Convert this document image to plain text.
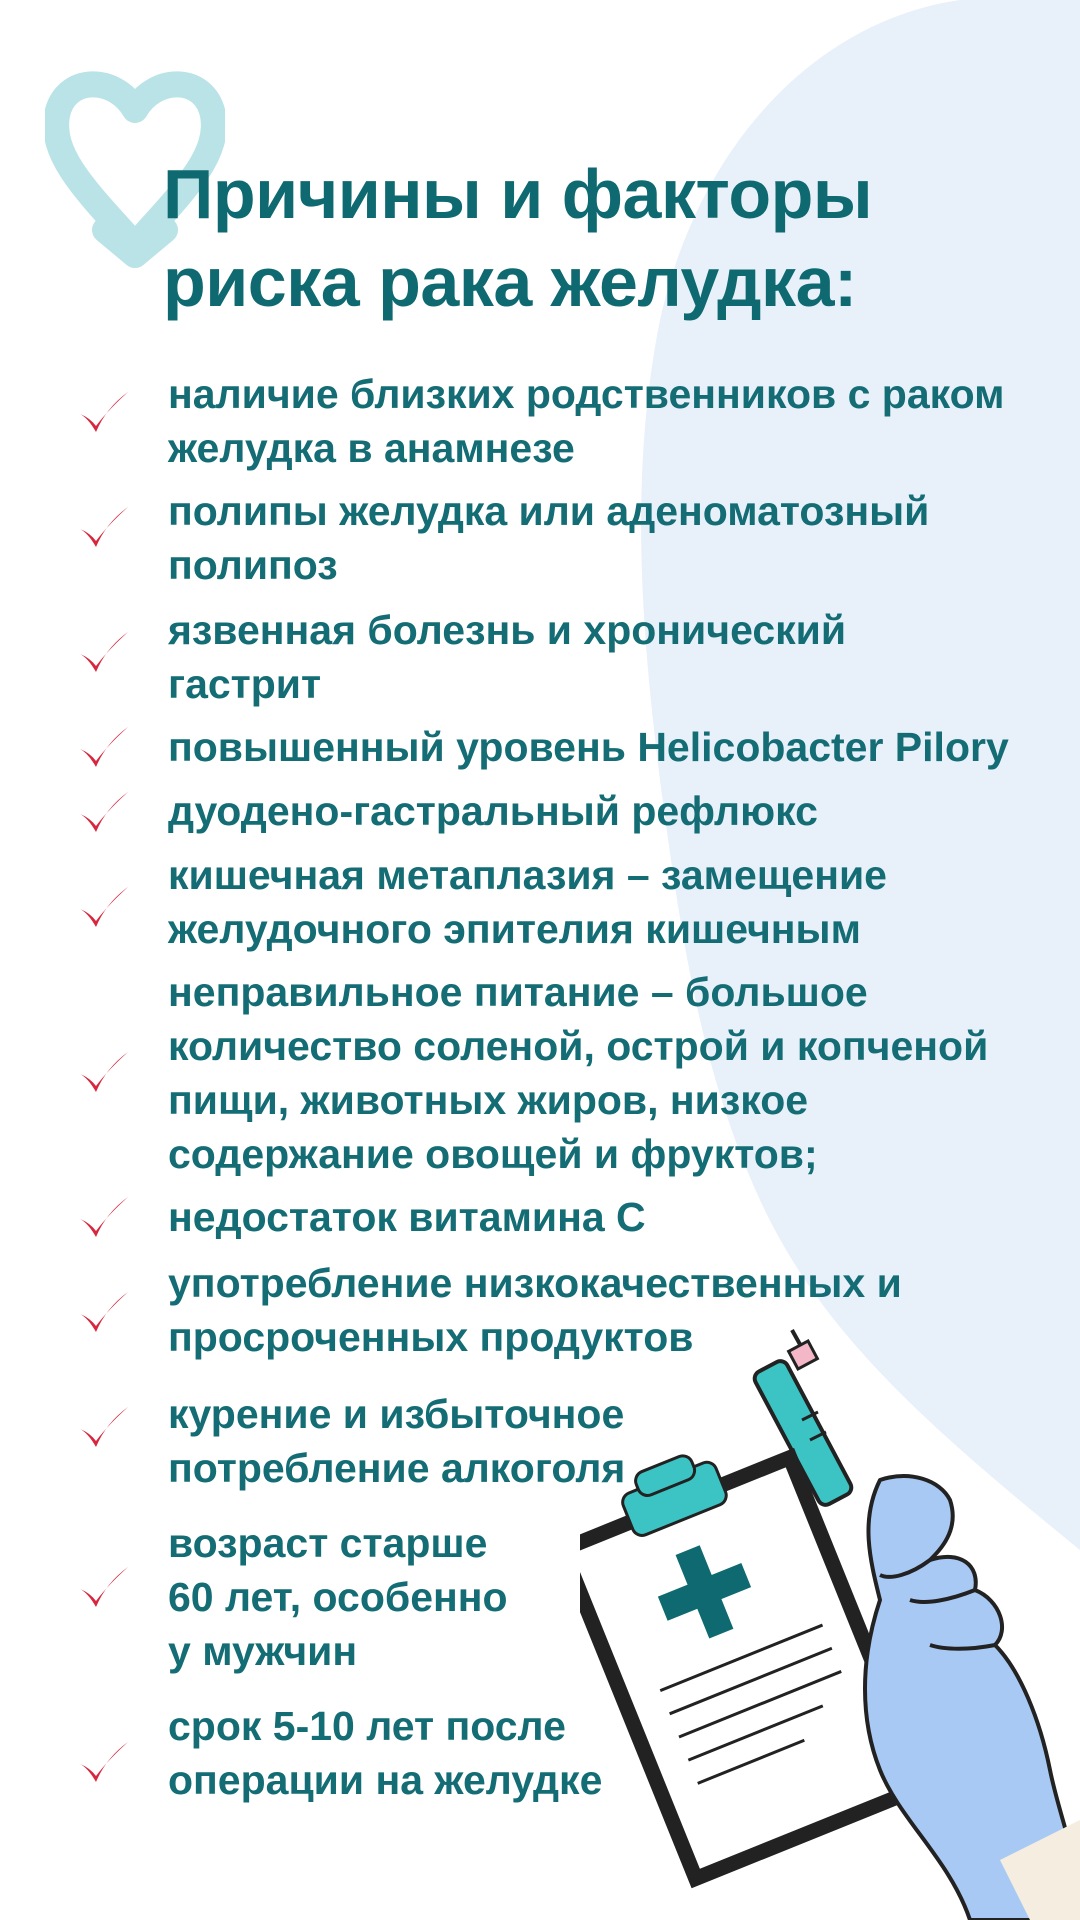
Причины и факторы
риска рака желудка:

наличие близких родственников с раком
желудка в анамнезе

полипы желудка или аденоматозный
полипоз

язвенная болезнь и хронический
гастрит

повышенный уровень Helicobacter Pilory

дуодено-гастральный рефлюкс

кишечная метаплазия – замещение
желудочного эпителия кишечным

неправильное питание – большое
количество соленой, острой и копченой
пищи, животных жиров, низкое
содержание овощей и фруктов;

недостаток витамина С

употребление низкокачественных и
просроченных продуктов

курение и избыточное
потребление алкоголя

возраст старше
60 лет, особенно
у мужчин

срок 5-10 лет после
операции на желудке
